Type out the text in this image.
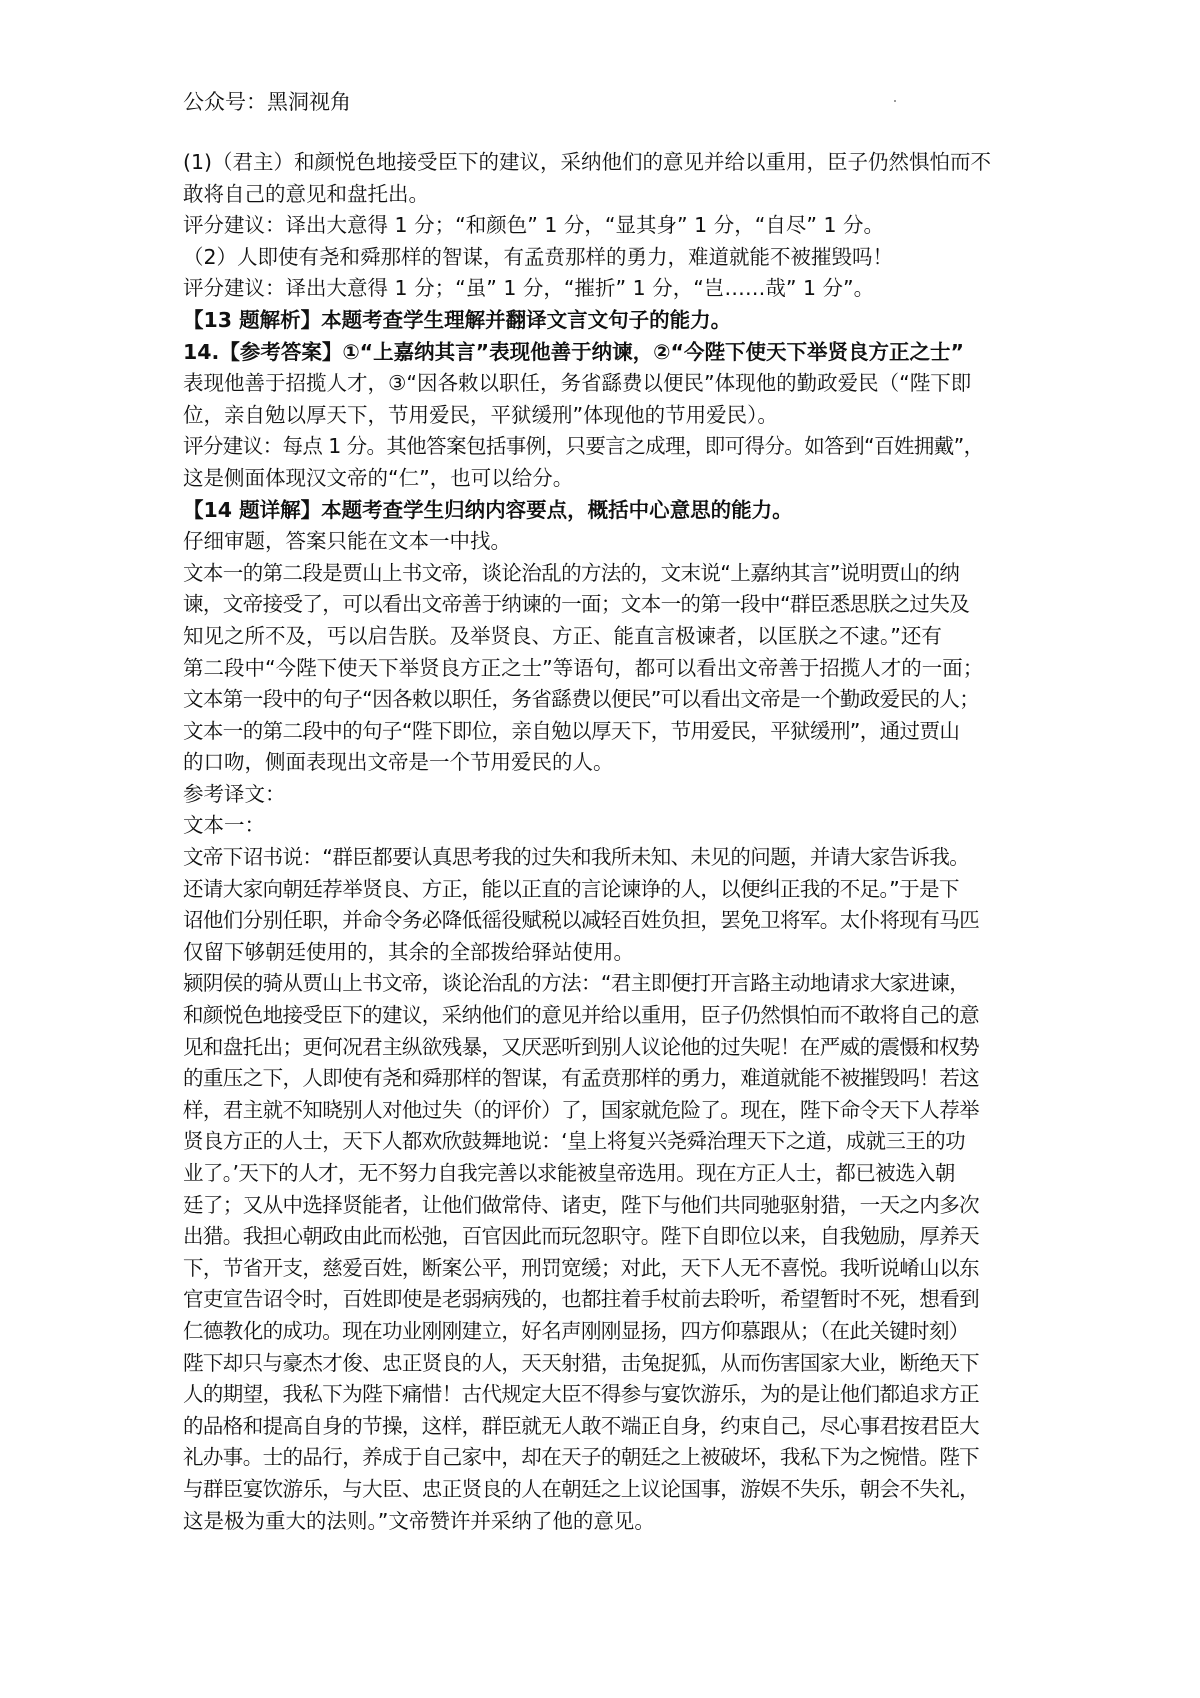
公众号：黑洞视角

(1)（君主）和颜悦色地接受臣下的建议，采纳他们的意见并给以重用，臣子仍然惧怕而不

敢将自己的意见和盘托出。

评分建议：译出大意得 1 分；“和颜色” 1 分，“显其身” 1 分，“自尽” 1 分。

（2）人即使有尧和舜那样的智谋，有孟贲那样的勇力，难道就能不被摧毁吗！

评分建议：译出大意得 1 分；“虽” 1 分，“摧折” 1 分，“岂……哉” 1 分”。

【13 题解析】本题考查学生理解并翻译文言文句子的能力。

14.【参考答案】①“上嘉纳其言”表现他善于纳谏，②“今陛下使天下举贤良方正之士”

表现他善于招揽人才，③“因各敕以职任，务省繇费以便民”体现他的勤政爱民（“陛下即

位，亲自勉以厚天下，节用爱民，平狱缓刑”体现他的节用爱民）。

评分建议：每点 1 分。其他答案包括事例，只要言之成理，即可得分。如答到“百姓拥戴”，

这是侧面体现汉文帝的“仁”，也可以给分。

【14 题详解】本题考查学生归纳内容要点，概括中心意思的能力。

仔细审题，答案只能在文本一中找。

文本一的第二段是贾山上书文帝，谈论治乱的方法的，文末说“上嘉纳其言”说明贾山的纳

谏，文帝接受了，可以看出文帝善于纳谏的一面；文本一的第一段中“群臣悉思朕之过失及

知见之所不及，丐以启告朕。及举贤良、方正、能直言极谏者，以匡朕之不逮。”还有

第二段中“今陛下使天下举贤良方正之士”等语句，都可以看出文帝善于招揽人才的一面；

文本第一段中的句子“因各敕以职任，务省繇费以便民”可以看出文帝是一个勤政爱民的人；

文本一的第二段中的句子“陛下即位，亲自勉以厚天下，节用爱民，平狱缓刑”，通过贾山

的口吻，侧面表现出文帝是一个节用爱民的人。

参考译文：

文本一：

文帝下诏书说：“群臣都要认真思考我的过失和我所未知、未见的问题，并请大家告诉我。

还请大家向朝廷荐举贤良、方正，能以正直的言论谏诤的人，以便纠正我的不足。”于是下

诏他们分别任职，并命令务必降低徭役赋税以减轻百姓负担，罢免卫将军。太仆将现有马匹

仅留下够朝廷使用的，其余的全部拨给驿站使用。

颍阴侯的骑从贾山上书文帝，谈论治乱的方法：“君主即便打开言路主动地请求大家进谏，

和颜悦色地接受臣下的建议，采纳他们的意见并给以重用，臣子仍然惧怕而不敢将自己的意

见和盘托出；更何况君主纵欲残暴，又厌恶听到别人议论他的过失呢！在严威的震慑和权势

的重压之下，人即使有尧和舜那样的智谋，有孟贲那样的勇力，难道就能不被摧毁吗！若这

样，君主就不知晓别人对他过失（的评价）了，国家就危险了。现在，陛下命令天下人荐举

贤良方正的人士，天下人都欢欣鼓舞地说：‘皇上将复兴尧舜治理天下之道，成就三王的功

业了。’天下的人才，无不努力自我完善以求能被皇帝选用。现在方正人士，都已被选入朝

廷了；又从中选择贤能者，让他们做常侍、诸吏，陛下与他们共同驰驱射猎，一天之内多次

出猎。我担心朝政由此而松弛，百官因此而玩忽职守。陛下自即位以来，自我勉励，厚养天

下，节省开支，慈爱百姓，断案公平，刑罚宽缓；对此，天下人无不喜悦。我听说崤山以东

官吏宣告诏令时，百姓即使是老弱病残的，也都拄着手杖前去聆听，希望暂时不死，想看到

仁德教化的成功。现在功业刚刚建立，好名声刚刚显扬，四方仰慕跟从；（在此关键时刻）

陛下却只与豪杰才俊、忠正贤良的人，天天射猎，击兔捉狐，从而伤害国家大业，断绝天下

人的期望，我私下为陛下痛惜！古代规定大臣不得参与宴饮游乐，为的是让他们都追求方正

的品格和提高自身的节操，这样，群臣就无人敢不端正自身，约束自己，尽心事君按君臣大

礼办事。士的品行，养成于自己家中，却在天子的朝廷之上被破坏，我私下为之惋惜。陛下

与群臣宴饮游乐，与大臣、忠正贤良的人在朝廷之上议论国事，游娱不失乐，朝会不失礼，

这是极为重大的法则。”文帝赞许并采纳了他的意见。
